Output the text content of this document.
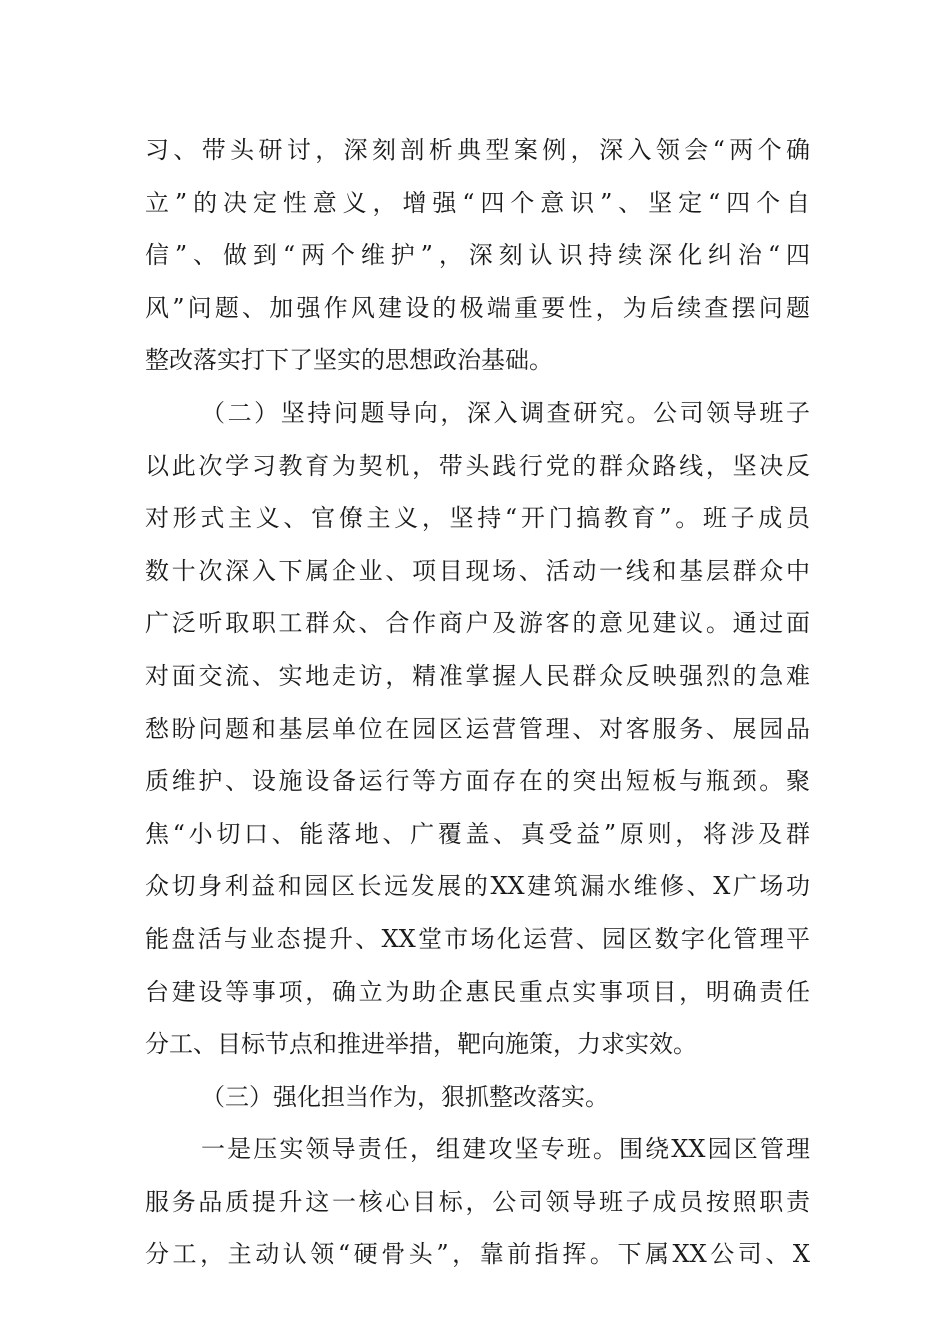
习、带头研讨，深刻剖析典型案例，深入领会“两个确
立”的决定性意义，增强“四个意识”、坚定“四个自
信”、做到“两个维护”，深刻认识持续深化纠治“四
风”问题、加强作风建设的极端重要性，为后续查摆问题
整改落实打下了坚实的思想政治基础。
（二）坚持问题导向，深入调查研究。公司领导班子
以此次学习教育为契机，带头践行党的群众路线，坚决反
对形式主义、官僚主义，坚持“开门搞教育”。班子成员
数十次深入下属企业、项目现场、活动一线和基层群众中
广泛听取职工群众、合作商户及游客的意见建议。通过面
对面交流、实地走访，精准掌握人民群众反映强烈的急难
愁盼问题和基层单位在园区运营管理、对客服务、展园品
质维护、设施设备运行等方面存在的突出短板与瓶颈。聚
焦“小切口、能落地、广覆盖、真受益”原则，将涉及群
众切身利益和园区长远发展的XX建筑漏水维修、X广场功
能盘活与业态提升、XX堂市场化运营、园区数字化管理平
台建设等事项，确立为助企惠民重点实事项目，明确责任
分工、目标节点和推进举措，靶向施策，力求实效。
（三）强化担当作为，狠抓整改落实。
一是压实领导责任，组建攻坚专班。围绕XX园区管理
服务品质提升这一核心目标，公司领导班子成员按照职责
分工，主动认领“硬骨头”，靠前指挥。下属XX公司、X
